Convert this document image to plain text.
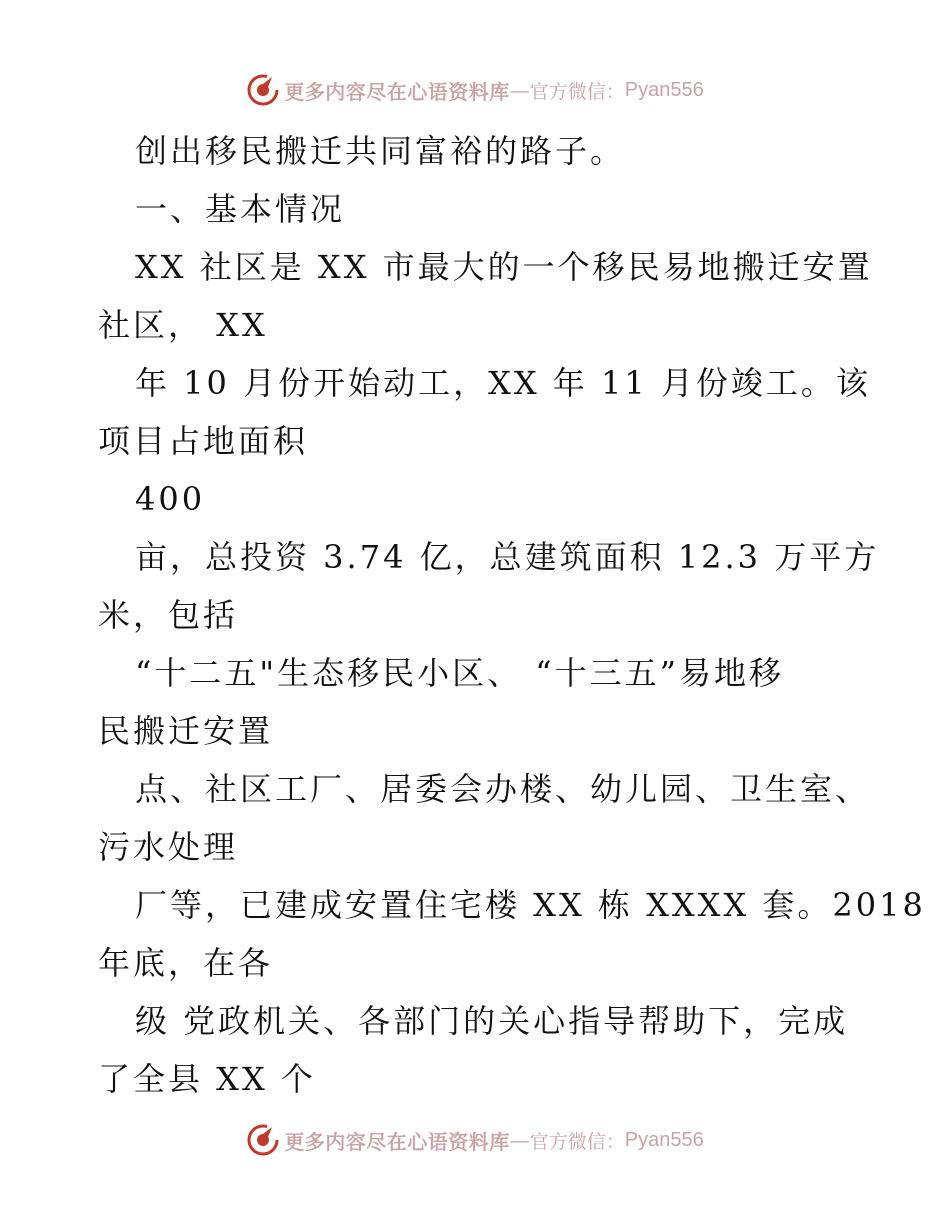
更多内容尽在心语资料库 — 官方微信： Pyan556
创出移民搬迁共同富裕的路子。
一、基本情况
XX 社区是 XX 市最大的一个移民易地搬迁安置
社区， XX
年 10 月份开始动工，XX 年 11 月份竣工。该
项目占地面积
400
亩，总投资 3.74 亿，总建筑面积 12.3 万平方
米，包括
“十二五"生态移民小区、 “十三五”易地移
民搬迁安置
点、社区工厂、居委会办楼、幼儿园、卫生室、
污水处理
厂等，已建成安置住宅楼 XX 栋 XXXX 套。2018
年底，在各
级 党政机关、各部门的关心指导帮助下，完成
了全县 XX 个
更多内容尽在心语资料库 — 官方微信： Pyan556
